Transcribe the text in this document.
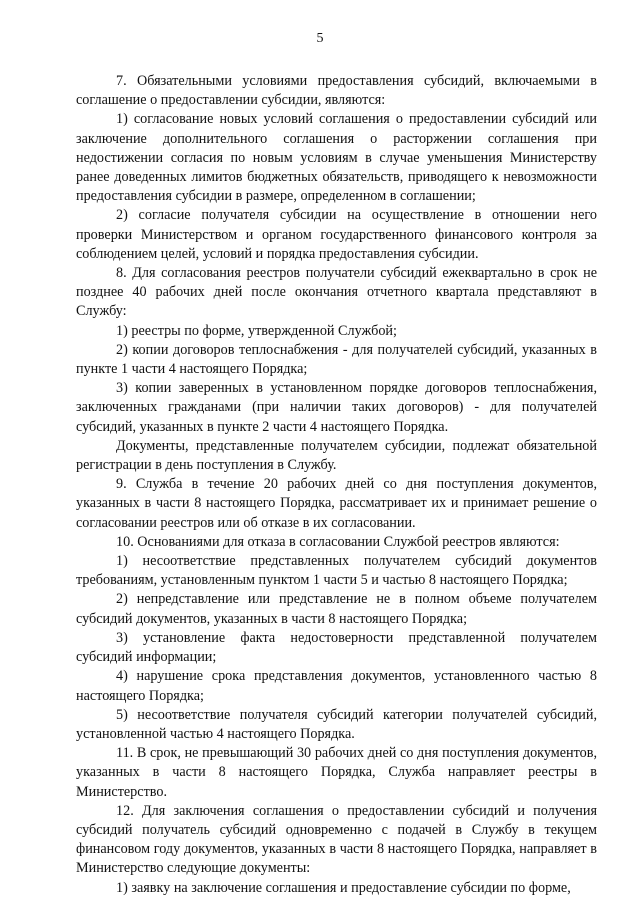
5

7. Обязательными условиями предоставления субсидий, включаемыми в соглашение о предоставлении субсидии, являются:

1) согласование новых условий соглашения о предоставлении субсидий или заключение дополнительного соглашения о расторжении соглашения при недостижении согласия по новым условиям в случае уменьшения Министерству ранее доведенных лимитов бюджетных обязательств, приводящего к невозможности предоставления субсидии в размере, определенном в соглашении;

2) согласие получателя субсидии на осуществление в отношении него проверки Министерством и органом государственного финансового контроля за соблюдением целей, условий и порядка предоставления субсидии.

8. Для согласования реестров получатели субсидий ежеквартально в срок не позднее 40 рабочих дней после окончания отчетного квартала представляют в Службу:

1) реестры по форме, утвержденной Службой;

2) копии договоров теплоснабжения - для получателей субсидий, указанных в пункте 1 части 4 настоящего Порядка;

3) копии заверенных в установленном порядке договоров теплоснабжения, заключенных гражданами (при наличии таких договоров) - для получателей субсидий, указанных в пункте 2 части 4 настоящего Порядка.

Документы, представленные получателем субсидии, подлежат обязательной регистрации в день поступления в Службу.

9. Служба в течение 20 рабочих дней со дня поступления документов, указанных в части 8 настоящего Порядка, рассматривает их и принимает решение о согласовании реестров или об отказе в их согласовании.

10. Основаниями для отказа в согласовании Службой реестров являются:

1) несоответствие представленных получателем субсидий документов требованиям, установленным пунктом 1 части 5 и частью 8 настоящего Порядка;

2) непредставление или представление не в полном объеме получателем субсидий документов, указанных в части 8 настоящего Порядка;

3) установление факта недостоверности представленной получателем субсидий информации;

4) нарушение срока представления документов, установленного частью 8 настоящего Порядка;

5) несоответствие получателя субсидий категории получателей субсидий, установленной частью 4 настоящего Порядка.

11. В срок, не превышающий 30 рабочих дней со дня поступления документов, указанных в части 8 настоящего Порядка, Служба направляет реестры в Министерство.

12. Для заключения соглашения о предоставлении субсидий и получения субсидий получатель субсидий одновременно с подачей в Службу в текущем финансовом году документов, указанных в части 8 настоящего Порядка, направляет в Министерство следующие документы:

1) заявку на заключение соглашения и предоставление субсидии по форме,
